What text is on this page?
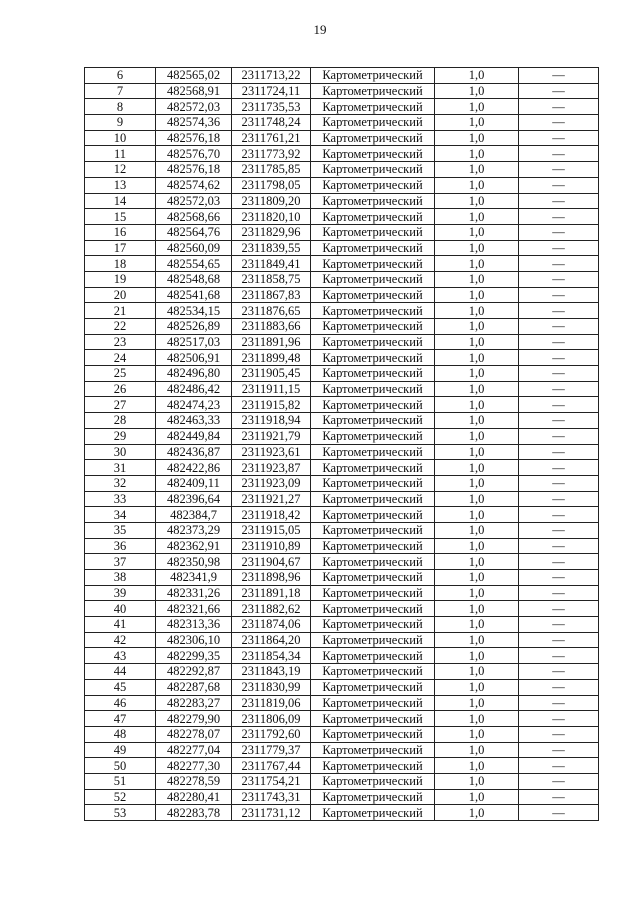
19
6	482565,02	2311713,22	Картометрический	1,0	—
7	482568,91	2311724,11	Картометрический	1,0	—
8	482572,03	2311735,53	Картометрический	1,0	—
9	482574,36	2311748,24	Картометрический	1,0	—
10	482576,18	2311761,21	Картометрический	1,0	—
11	482576,70	2311773,92	Картометрический	1,0	—
12	482576,18	2311785,85	Картометрический	1,0	—
13	482574,62	2311798,05	Картометрический	1,0	—
14	482572,03	2311809,20	Картометрический	1,0	—
15	482568,66	2311820,10	Картометрический	1,0	—
16	482564,76	2311829,96	Картометрический	1,0	—
17	482560,09	2311839,55	Картометрический	1,0	—
18	482554,65	2311849,41	Картометрический	1,0	—
19	482548,68	2311858,75	Картометрический	1,0	—
20	482541,68	2311867,83	Картометрический	1,0	—
21	482534,15	2311876,65	Картометрический	1,0	—
22	482526,89	2311883,66	Картометрический	1,0	—
23	482517,03	2311891,96	Картометрический	1,0	—
24	482506,91	2311899,48	Картометрический	1,0	—
25	482496,80	2311905,45	Картометрический	1,0	—
26	482486,42	2311911,15	Картометрический	1,0	—
27	482474,23	2311915,82	Картометрический	1,0	—
28	482463,33	2311918,94	Картометрический	1,0	—
29	482449,84	2311921,79	Картометрический	1,0	—
30	482436,87	2311923,61	Картометрический	1,0	—
31	482422,86	2311923,87	Картометрический	1,0	—
32	482409,11	2311923,09	Картометрический	1,0	—
33	482396,64	2311921,27	Картометрический	1,0	—
34	482384,7	2311918,42	Картометрический	1,0	—
35	482373,29	2311915,05	Картометрический	1,0	—
36	482362,91	2311910,89	Картометрический	1,0	—
37	482350,98	2311904,67	Картометрический	1,0	—
38	482341,9	2311898,96	Картометрический	1,0	—
39	482331,26	2311891,18	Картометрический	1,0	—
40	482321,66	2311882,62	Картометрический	1,0	—
41	482313,36	2311874,06	Картометрический	1,0	—
42	482306,10	2311864,20	Картометрический	1,0	—
43	482299,35	2311854,34	Картометрический	1,0	—
44	482292,87	2311843,19	Картометрический	1,0	—
45	482287,68	2311830,99	Картометрический	1,0	—
46	482283,27	2311819,06	Картометрический	1,0	—
47	482279,90	2311806,09	Картометрический	1,0	—
48	482278,07	2311792,60	Картометрический	1,0	—
49	482277,04	2311779,37	Картометрический	1,0	—
50	482277,30	2311767,44	Картометрический	1,0	—
51	482278,59	2311754,21	Картометрический	1,0	—
52	482280,41	2311743,31	Картометрический	1,0	—
53	482283,78	2311731,12	Картометрический	1,0	—
